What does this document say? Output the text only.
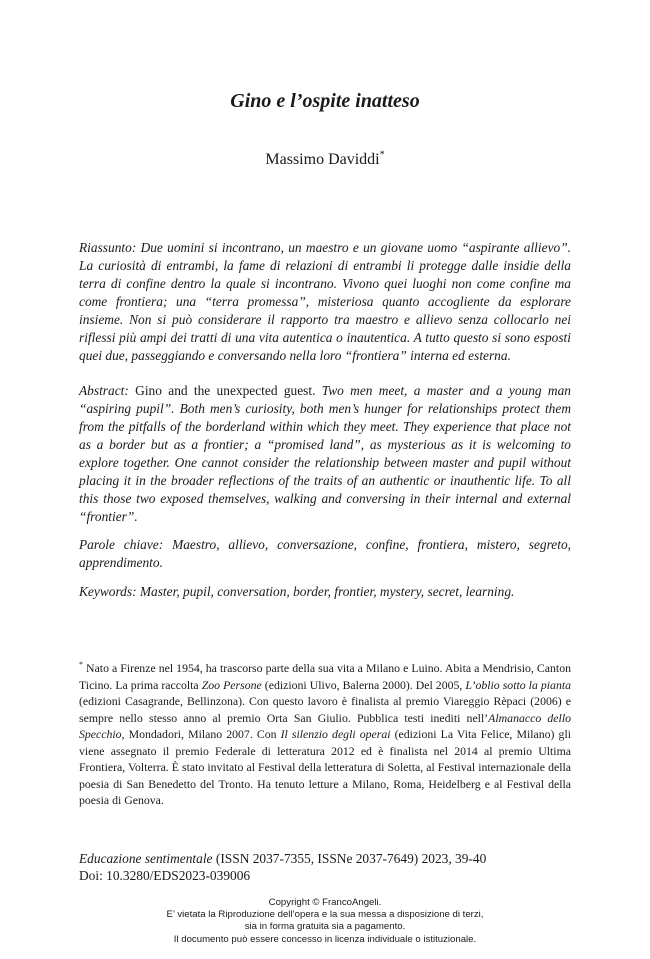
Gino e l’ospite inatteso
Massimo Daviddi*
Riassunto: Due uomini si incontrano, un maestro e un giovane uomo “aspirante allievo”. La curiosità di entrambi, la fame di relazioni di entrambi li protegge dalle insidie della terra di confine dentro la quale si incontrano. Vivono quei luoghi non come confine ma come frontiera; una “terra promessa”, misteriosa quanto accogliente da esplorare insieme. Non si può considerare il rapporto tra maestro e allievo senza collocarlo nei riflessi più ampi dei tratti di una vita autentica o inautentica. A tutto questo si sono esposti quei due, passeggiando e conversando nella loro “frontiera” interna ed esterna.
Abstract: Gino and the unexpected guest. Two men meet, a master and a young man “aspiring pupil”. Both men’s curiosity, both men’s hunger for relationships protect them from the pitfalls of the borderland within which they meet. They experience that place not as a border but as a frontier; a “promised land”, as mysterious as it is welcoming to explore together. One cannot consider the relationship between master and pupil without placing it in the broader reflections of the traits of an authentic or inauthentic life. To all this those two exposed themselves, walking and conversing in their internal and external “frontier”.
Parole chiave: Maestro, allievo, conversazione, confine, frontiera, mistero, segreto, apprendimento.
Keywords: Master, pupil, conversation, border, frontier, mystery, secret, learning.
* Nato a Firenze nel 1954, ha trascorso parte della sua vita a Milano e Luino. Abita a Mendrisio, Canton Ticino. La prima raccolta Zoo Persone (edizioni Ulivo, Balerna 2000). Del 2005, L’oblio sotto la pianta (edizioni Casagrande, Bellinzona). Con questo lavoro è finalista al premio Viareggio Rèpaci (2006) e sempre nello stesso anno al premio Orta San Giulio. Pubblica testi inediti nell’Almanacco dello Specchio, Mondadori, Milano 2007. Con Il silenzio degli operai (edizioni La Vita Felice, Milano) gli viene assegnato il premio Federale di letteratura 2012 ed è finalista nel 2014 al premio Ultima Frontiera, Volterra. È stato invitato al Festival della letteratura di Soletta, al Festival internazionale della poesia di San Benedetto del Tronto. Ha tenuto letture a Milano, Roma, Heidelberg e al Festival della poesia di Genova.
Educazione sentimentale (ISSN 2037-7355, ISSNe 2037-7649) 2023, 39-40
Doi: 10.3280/EDS2023-039006
Copyright © FrancoAngeli.
E’ vietata la Riproduzione dell’opera e la sua messa a disposizione di terzi,
sia in forma gratuita sia a pagamento.
Il documento può essere concesso in licenza individuale o istituzionale.
